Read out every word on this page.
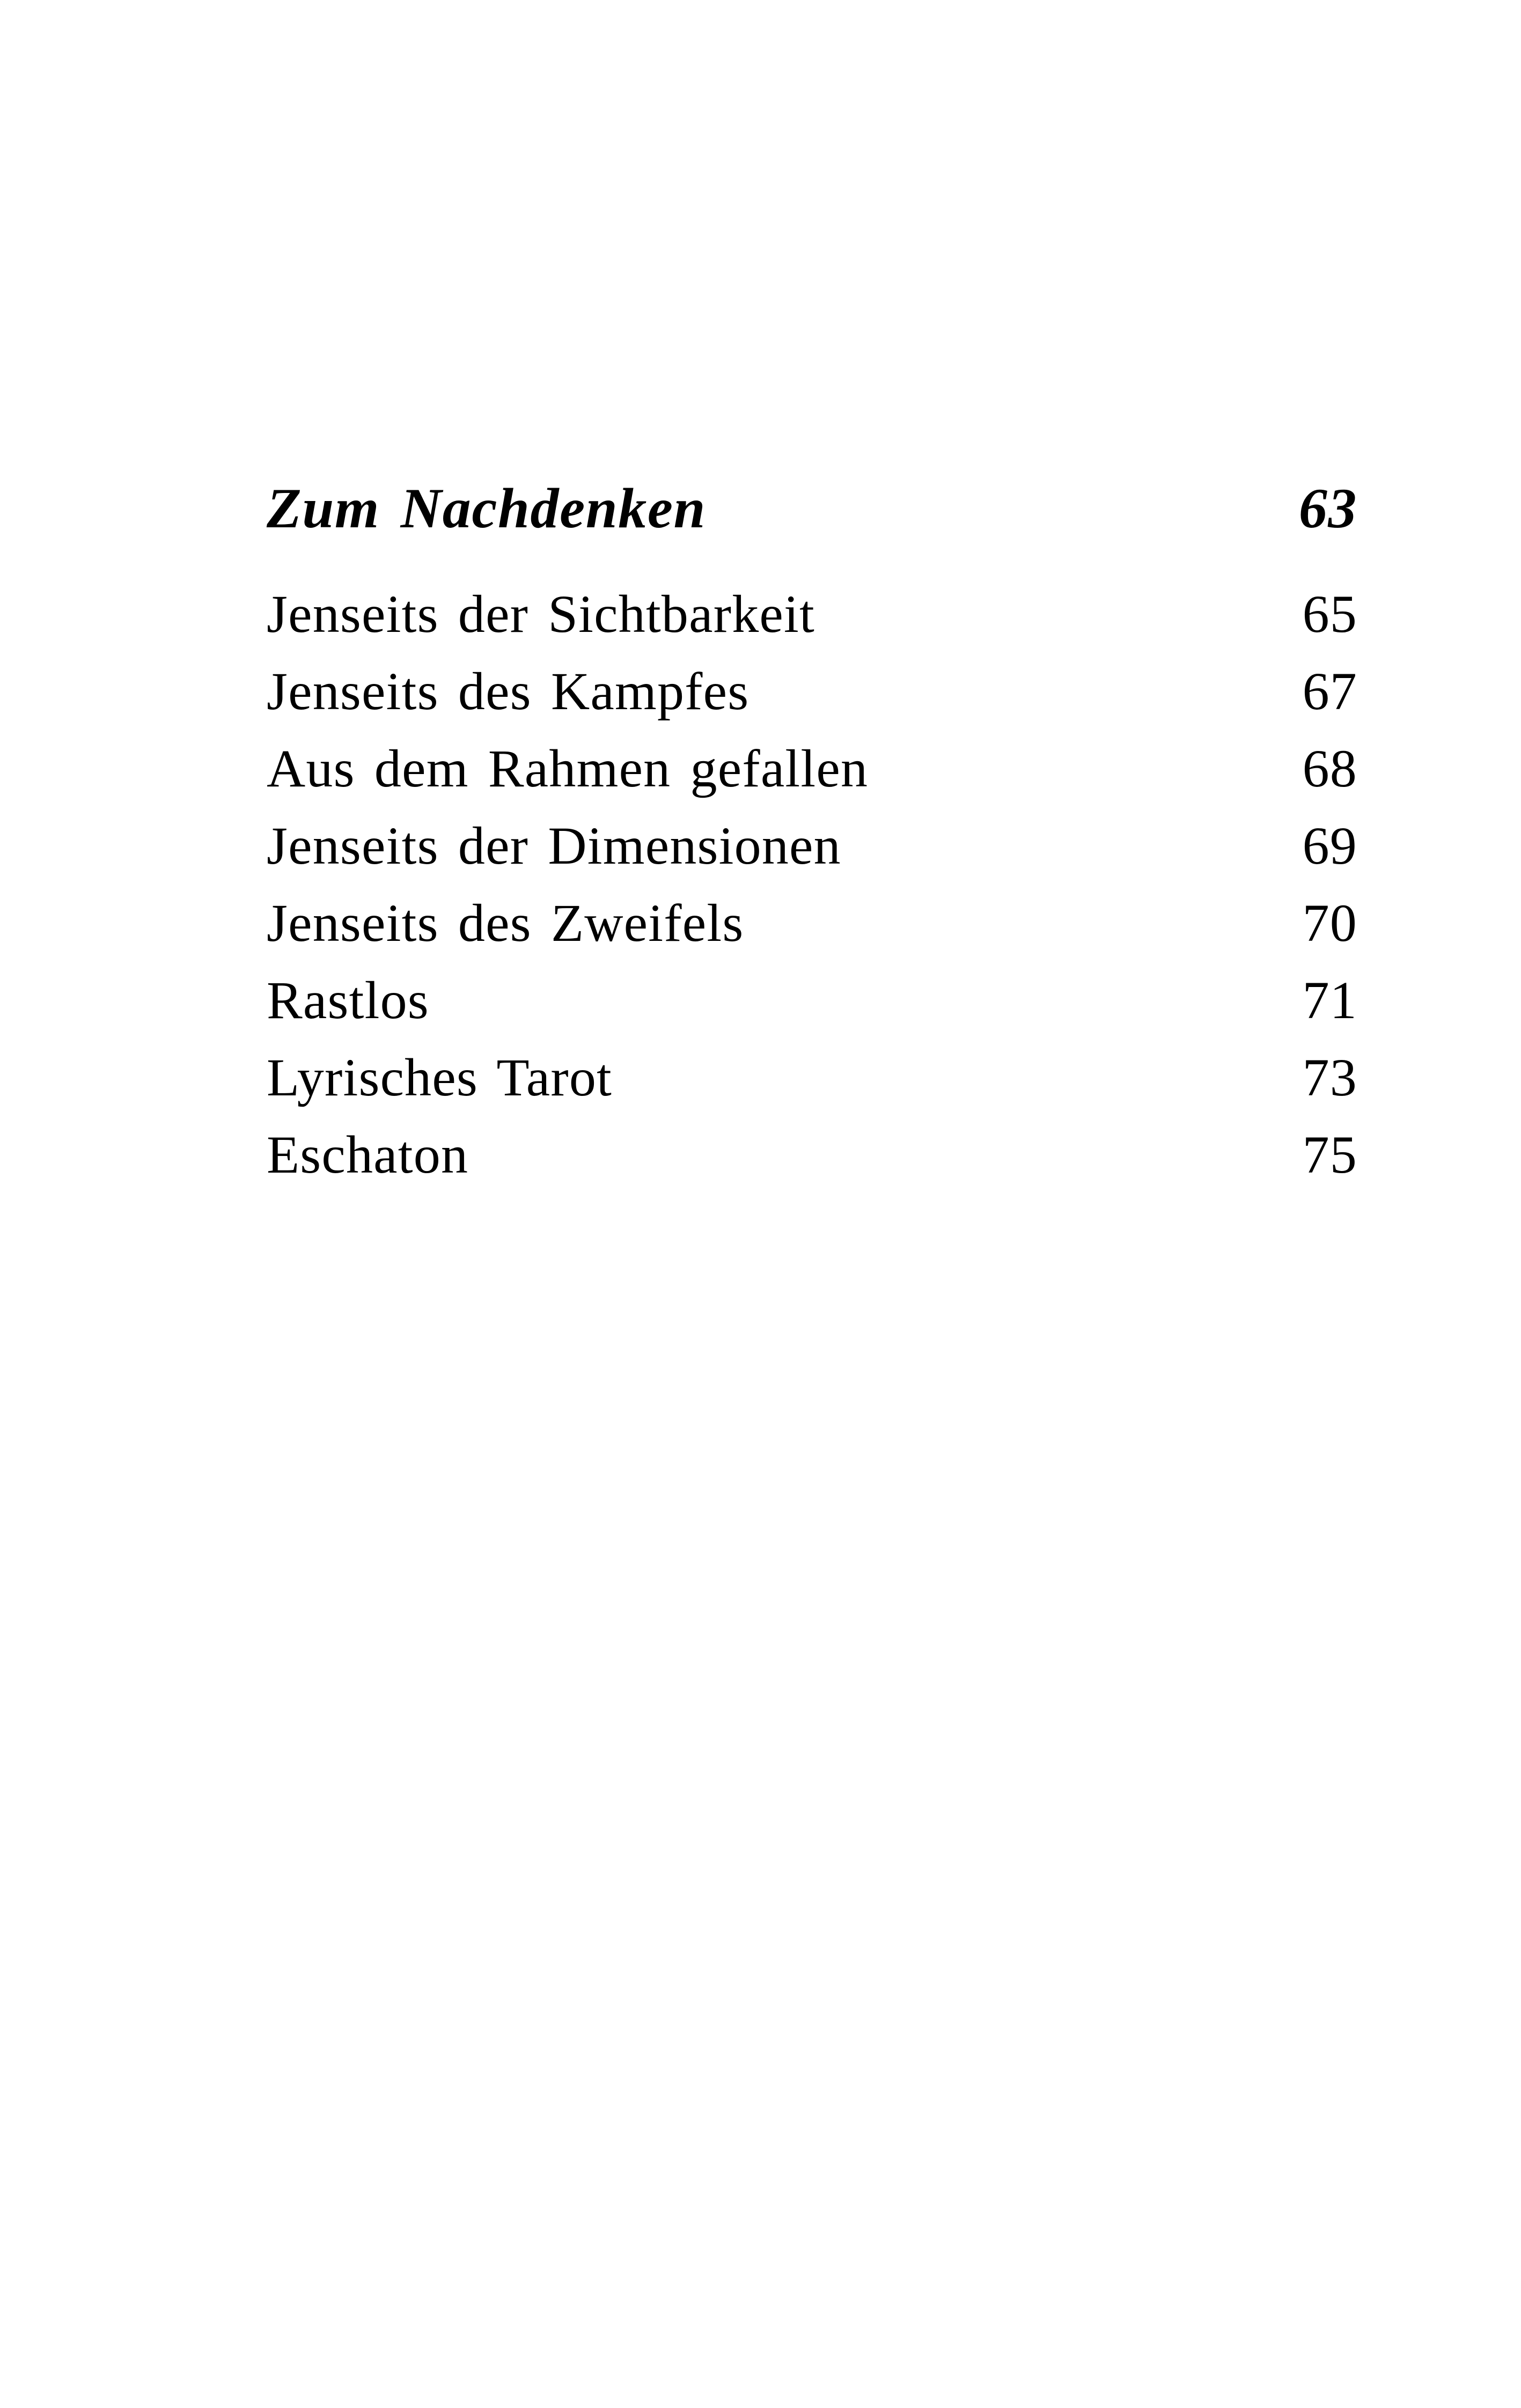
Zum Nachdenken	63
Jenseits der Sichtbarkeit	65
Jenseits des Kampfes	67
Aus dem Rahmen gefallen	68
Jenseits der Dimensionen	69
Jenseits des Zweifels	70
Rastlos	71
Lyrisches Tarot	73
Eschaton	75
